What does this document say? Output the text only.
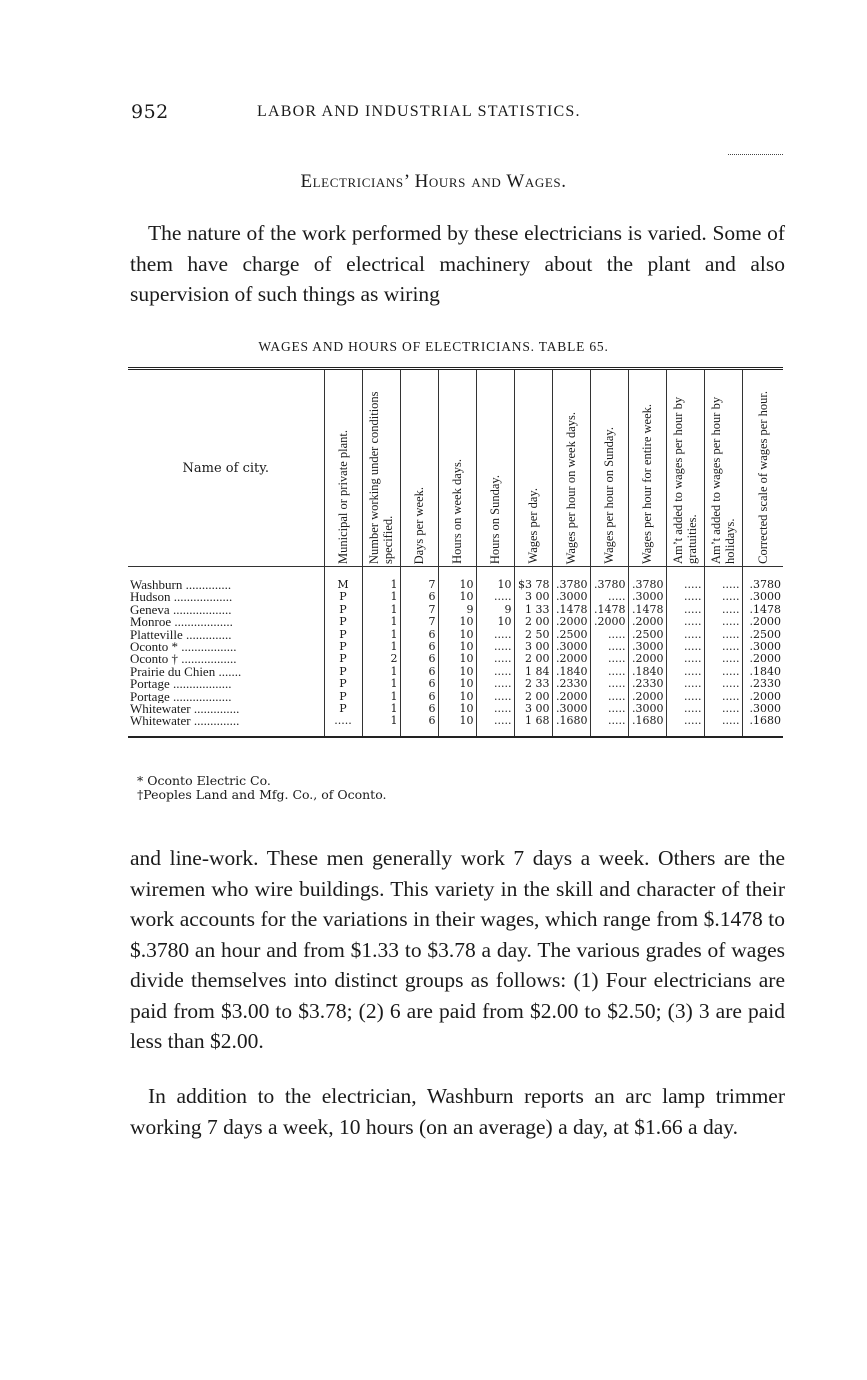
952	LABOR AND INDUSTRIAL STATISTICS.
Electricians’ Hours and Wages.
The nature of the work performed by these electricians is varied. Some of them have charge of electrical machinery about the plant and also supervision of such things as wiring
WAGES AND HOURS OF ELECTRICIANS. TABLE 65.
Name of city.	Municipal or private plant.	Number working under conditions specified.	Days per week.	Hours on week days.	Hours on Sunday.	Wages per day.	Wages per hour on week days.	Wages per hour on Sunday.	Wages per hour for entire week.	Am’t added to wages per hour by gratuities.	Am’t added to wages per hour by holidays.	Corrected scale of wages per hour.

Washburn ..............	M	1	7	10	10	$3 78	.3780	.3780	.3780	.....	.....	.3780
Hudson ..................	P	1	6	10	.....	3 00	.3000	.....	.3000	.....	.....	.3000
Geneva ..................	P	1	7	9	9	1 33	.1478	.1478	.1478	.....	.....	.1478
Monroe ..................	P	1	7	10	10	2 00	.2000	.2000	.2000	.....	.....	.2000
Platteville ..............	P	1	6	10	.....	2 50	.2500	.....	.2500	.....	.....	.2500
Oconto * .................	P	1	6	10	.....	3 00	.3000	.....	.3000	.....	.....	.3000
Oconto † .................	P	2	6	10	.....	2 00	.2000	.....	.2000	.....	.....	.2000
Prairie du Chien .......	P	1	6	10	.....	1 84	.1840	.....	.1840	.....	.....	.1840
Portage ..................	P	1	6	10	.....	2 33	.2330	.....	.2330	.....	.....	.2330
Portage ..................	P	1	6	10	.....	2 00	.2000	.....	.2000	.....	.....	.2000
Whitewater ..............	P	1	6	10	.....	3 00	.3000	.....	.3000	.....	.....	.3000
Whitewater ..............	.....	1	6	10	.....	1 68	.1680	.....	.1680	.....	.....	.1680
* Oconto Electric Co.
†Peoples Land and Mfg. Co., of Oconto.
and line-work. These men generally work 7 days a week. Others are the wiremen who wire buildings. This variety in the skill and character of their work accounts for the variations in their wages, which range from $.1478 to $.3780 an hour and from $1.33 to $3.78 a day. The various grades of wages divide themselves into distinct groups as follows: (1) Four electricians are paid from $3.00 to $3.78; (2) 6 are paid from $2.00 to $2.50; (3) 3 are paid less than $2.00.
In addition to the electrician, Washburn reports an arc lamp trimmer working 7 days a week, 10 hours (on an average) a day, at $1.66 a day.
